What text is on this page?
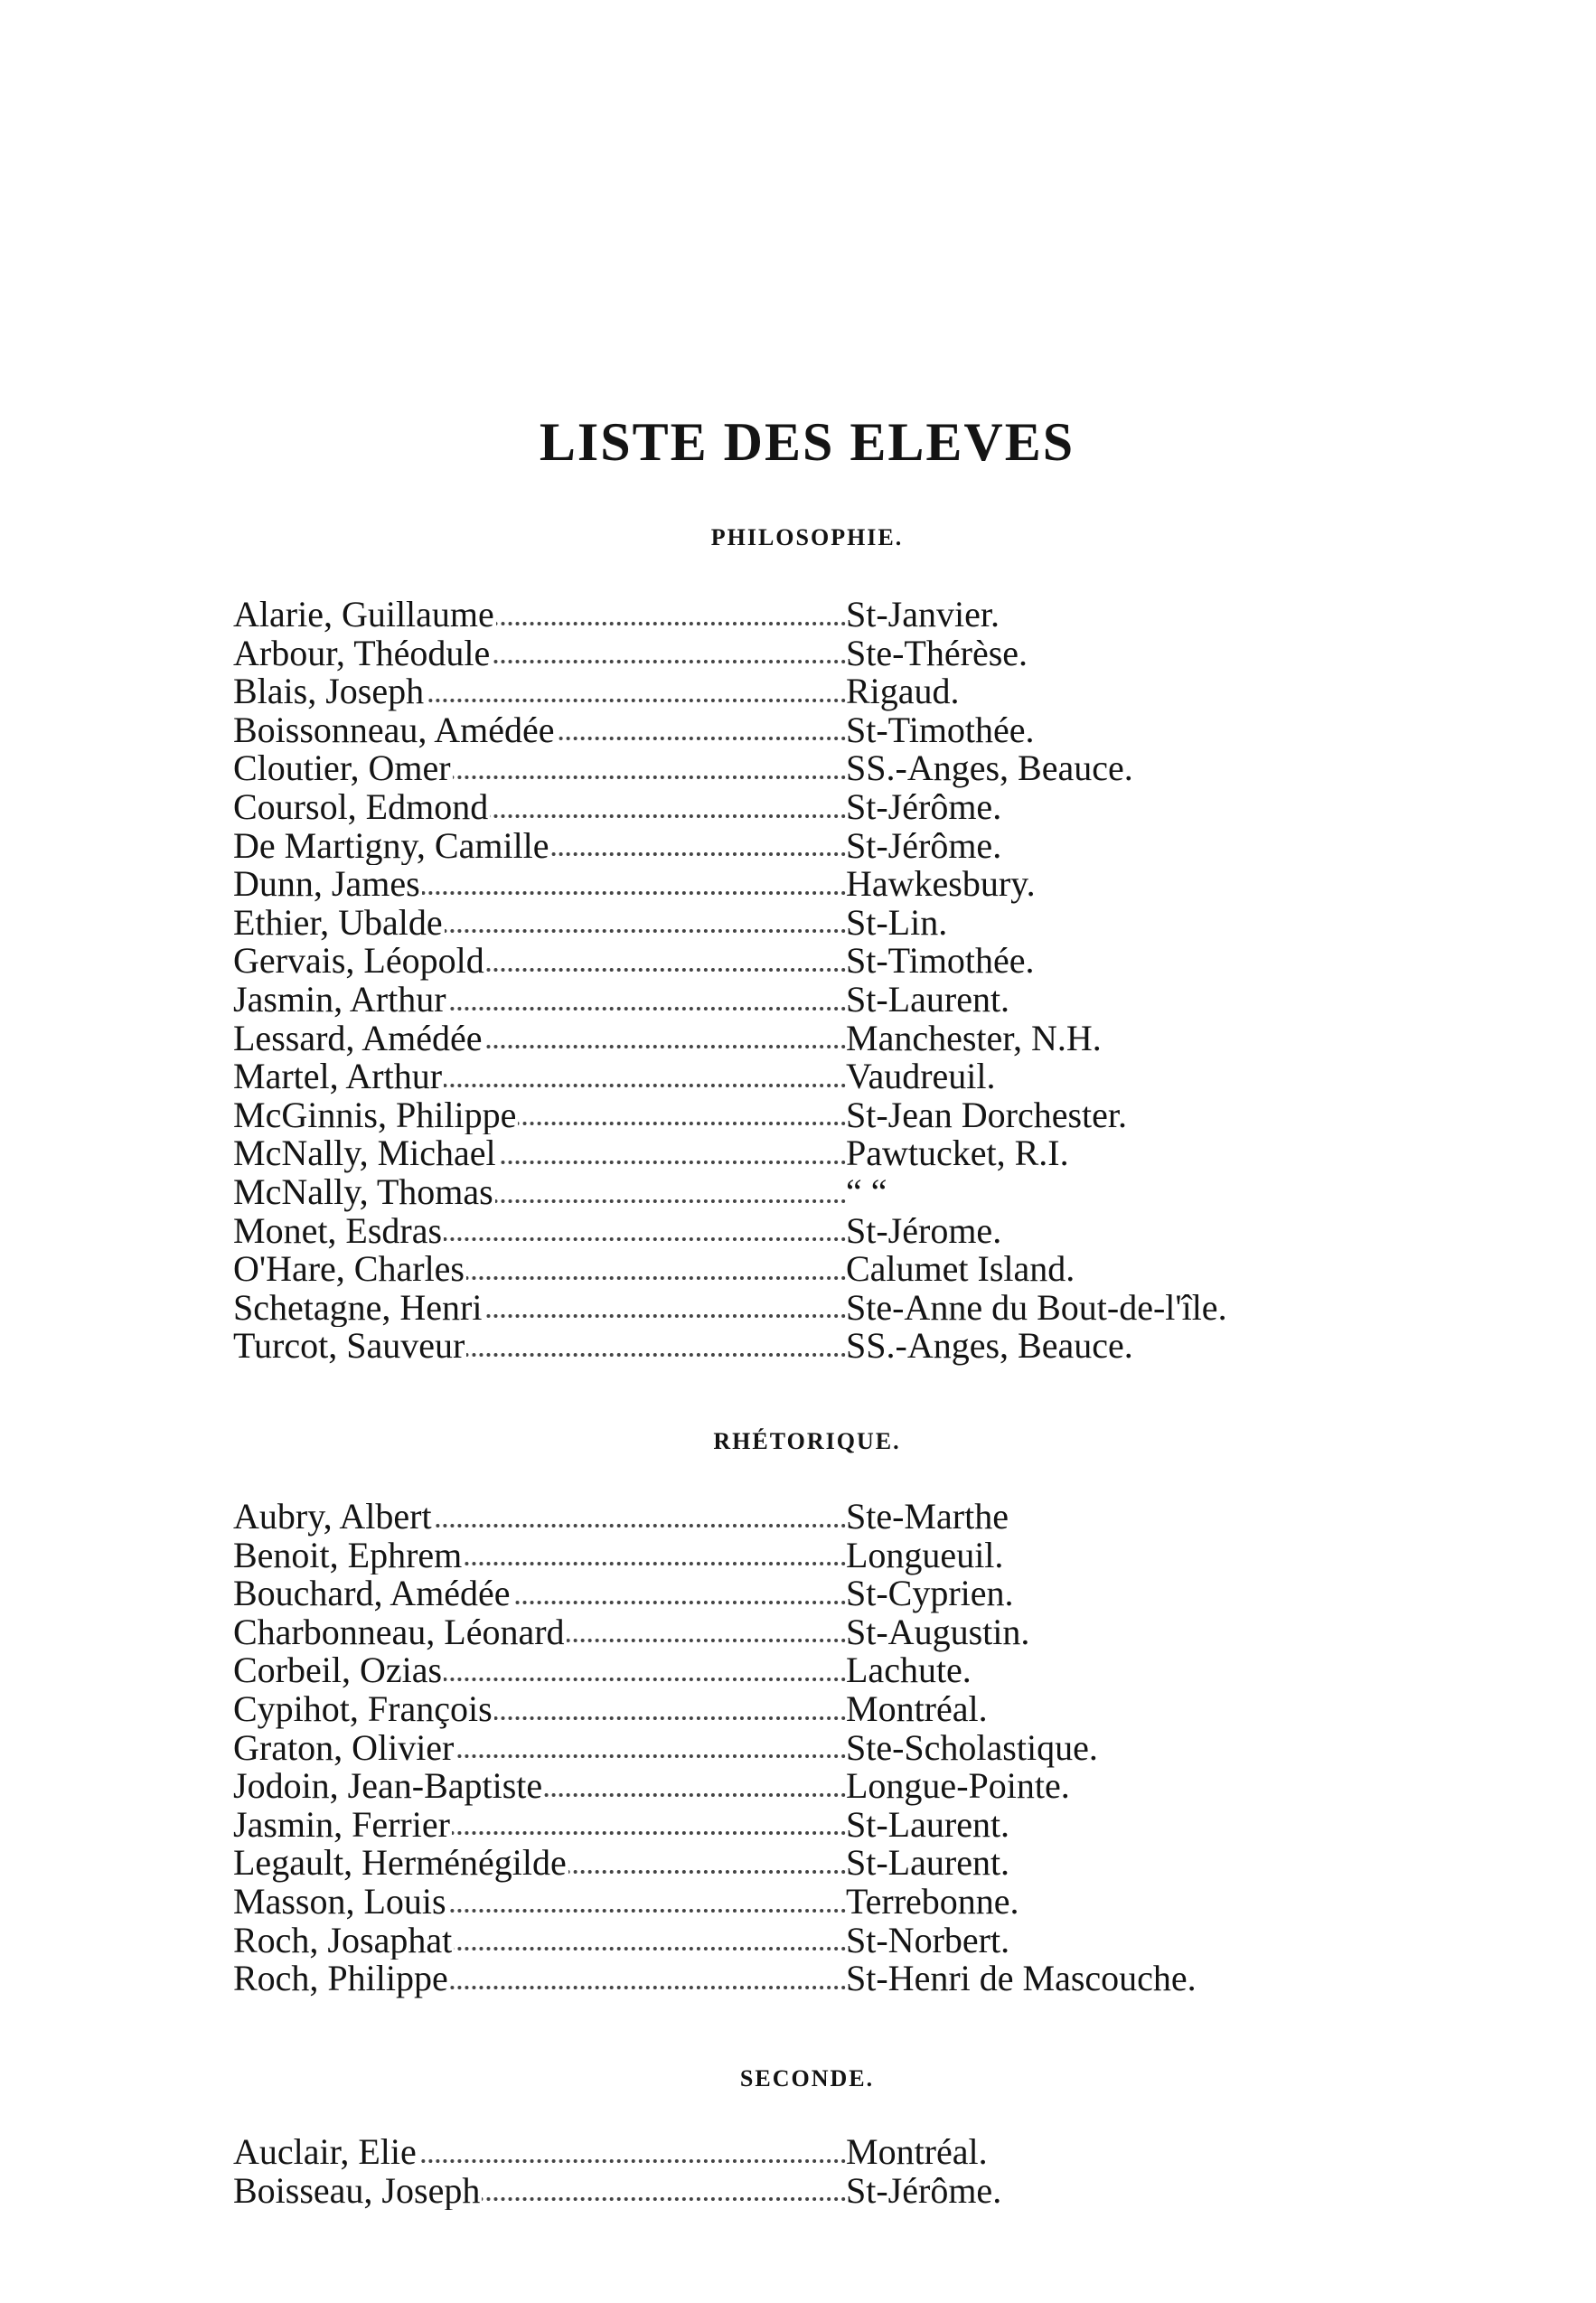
LISTE DES ELEVES
PHILOSOPHIE.
Alarie, Guillaume	St-Janvier.
Arbour, Théodule	Ste-Thérèse.
Blais, Joseph	Rigaud.
Boissonneau, Amédée	St-Timothée.
Cloutier, Omer	SS.-Anges, Beauce.
Coursol, Edmond	St-Jérôme.
De Martigny, Camille	St-Jérôme.
Dunn, James	Hawkesbury.
Ethier, Ubalde	St-Lin.
Gervais, Léopold	St-Timothée.
Jasmin, Arthur	St-Laurent.
Lessard, Amédée	Manchester, N.H.
Martel, Arthur	Vaudreuil.
McGinnis, Philippe	St-Jean Dorchester.
McNally, Michael	Pawtucket, R.I.
McNally, Thomas	“ “
Monet, Esdras	St-Jérome.
O'Hare, Charles	Calumet Island.
Schetagne, Henri	Ste-Anne du Bout-de-l'île.
Turcot, Sauveur	SS.-Anges, Beauce.
RHÉTORIQUE.
Aubry, Albert	Ste-Marthe
Benoit, Ephrem	Longueuil.
Bouchard, Amédée	St-Cyprien.
Charbonneau, Léonard	St-Augustin.
Corbeil, Ozias	Lachute.
Cypihot, François	Montréal.
Graton, Olivier	Ste-Scholastique.
Jodoin, Jean-Baptiste	Longue-Pointe.
Jasmin, Ferrier	St-Laurent.
Legault, Herménégilde	St-Laurent.
Masson, Louis	Terrebonne.
Roch, Josaphat	St-Norbert.
Roch, Philippe	St-Henri de Mascouche.
SECONDE.
Auclair, Elie	Montréal.
Boisseau, Joseph	St-Jérôme.
